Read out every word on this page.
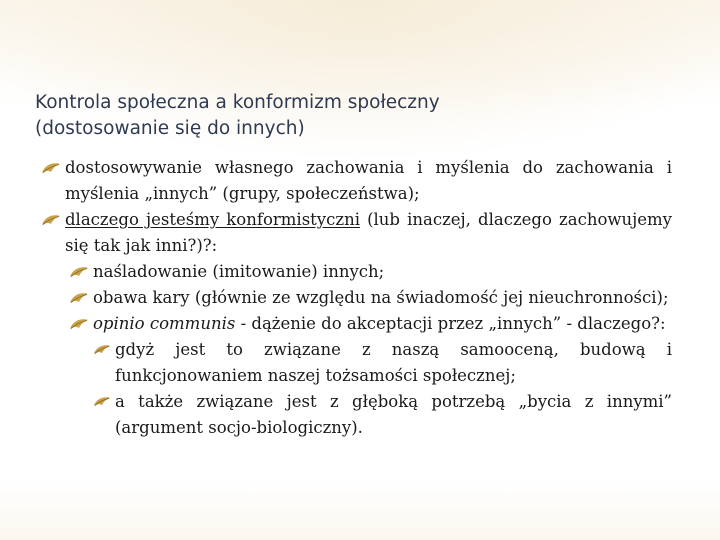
Kontrola społeczna a konformizm społeczny
(dostosowanie się do innych)
dostosowywanie własnego zachowania i myślenia do zachowania i myślenia „innych” (grupy, społeczeństwa);
dlaczego jesteśmy konformistyczni (lub inaczej, dlaczego zachowujemy się tak jak inni?)?:
naśladowanie (imitowanie) innych;
obawa kary (głównie ze względu na świadomość jej nieuchronności);
opinio communis - dążenie do akceptacji przez „innych” - dlaczego?:
gdyż jest to związane z naszą samooceną, budową i funkcjonowaniem naszej tożsamości społecznej;
a także związane jest z głęboką potrzebą „bycia z innymi” (argument socjo-biologiczny).
